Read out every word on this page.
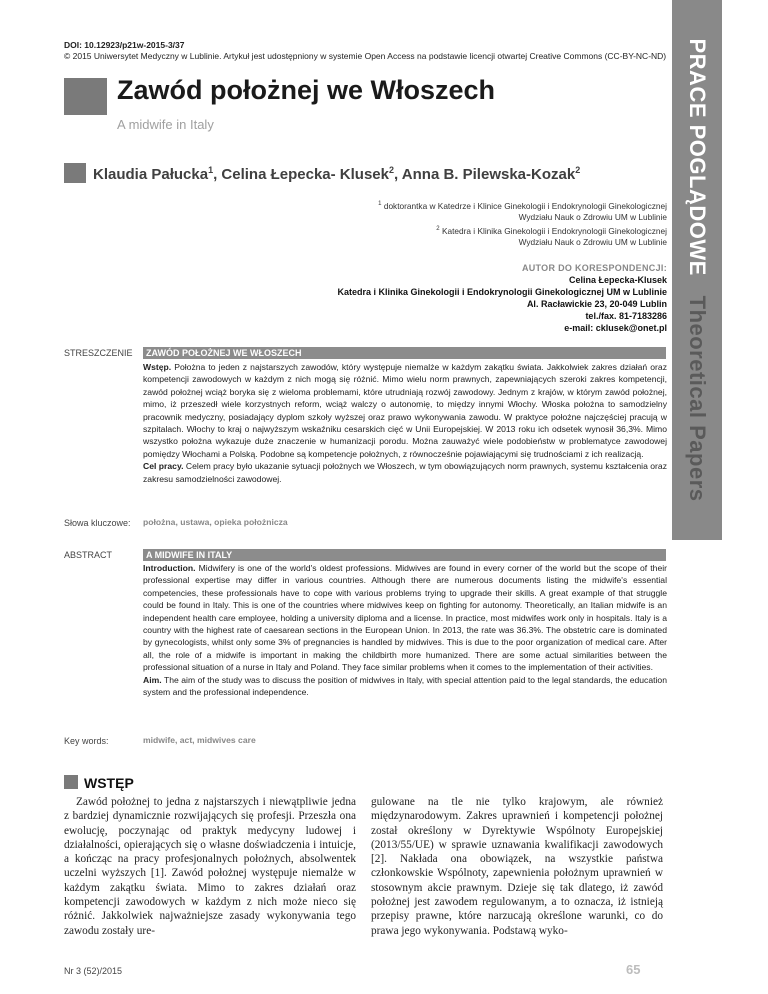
DOI: 10.12923/p21w-2015-3/37
© 2015 Uniwersytet Medyczny w Lublinie. Artykuł jest udostępniony w systemie Open Access na podstawie licencji otwartej Creative Commons (CC-BY-NC-ND)
Zawód położnej we Włoszech
A midwife in Italy
Klaudia Pałucka$^1$, Celina Łepecka- Klusek$^2$, Anna B. Pilewska-Kozak$^2$
$^1$ doktorantka w Katedrze i Klinice Ginekologii i Endokrynologii Ginekologicznej
Wydziału Nauk o Zdrowiu UM w Lublinie
$^2$ Katedra i Klinika Ginekologii i Endokrynologii Ginekologicznej
Wydziału Nauk o Zdrowiu UM w Lublinie
AUTOR DO KORESPONDENCJI:
Celina Łepecka-Klusek
Katedra i Klinika Ginekologii i Endokrynologii Ginekologicznej UM w Lublinie
Al. Racławickie 23, 20-049 Lublin
tel./fax. 81-7183286
e-mail: cklusek@onet.pl
PRACE POGLĄDOWE   Theoretical Papers
STRESZCZENIE	ZAWÓD POŁOŻNEJ WE WŁOSZECH
Wstęp. Położna to jeden z najstarszych zawodów, który występuje niemalże w każdym zakątku świata. Jakkolwiek zakres działań oraz kompetencji zawodowych w każdym z nich mogą się różnić. Mimo wielu norm prawnych, zapewniających szeroki zakres kompetencji, zawód położnej wciąż boryka się z wieloma problemami, które utrudniają rozwój zawodowy. Jednym z krajów, w którym zawód położnej, mimo, iż przeszedł wiele korzystnych reform, wciąż walczy o autonomię, to między innymi Włochy. Włoska położna to samodzielny pracownik medyczny, posiadający dyplom szkoły wyższej oraz prawo wykonywania zawodu. W praktyce położne najczęściej pracują w szpitalach. Włochy to kraj o najwyższym wskaźniku cesarskich cięć w Unii Europejskiej. W 2013 roku ich odsetek wynosił 36,3%. Mimo wszystko położna wykazuje duże znaczenie w humanizacji porodu. Można zauważyć wiele podobieństw w problematyce zawodowej pomiędzy Włochami a Polską. Podobne są kompetencje położnych, z równocześnie pojawiającymi się trudnościami z ich realizacją.
Cel pracy. Celem pracy było ukazanie sytuacji położnych we Włoszech, w tym obowiązujących norm prawnych, systemu kształcenia oraz zakresu samodzielności zawodowej.
Słowa kluczowe: położna, ustawa, opieka położnicza
ABSTRACT	A MIDWIFE IN ITALY
Introduction. Midwifery is one of the world's oldest professions. Midwives are found in every corner of the world but the scope of their professional expertise may differ in various countries. Although there are numerous documents listing the midwife's essential competencies, these professionals have to cope with various problems trying to upgrade their skills. A great example of that struggle could be found in Italy. This is one of the countries where midwives keep on fighting for autonomy. Theoretically, an Italian midwife is an independent health care employee, holding a university diploma and a license. In practice, most midwifes work only in hospitals. Italy is a country with the highest rate of caesarean sections in the European Union. In 2013, the rate was 36.3%. The obstetric care is dominated by gynecologists, whilst only some 3% of pregnancies is handled by midwives. This is due to the poor organization of medical care. After all, the role of a midwife is important in making the childbirth more humanized. There are some actual similarities between the professional situation of a nurse in Italy and Poland. They face similar problems when it comes to the implementation of their activities.
Aim. The aim of the study was to discuss the position of midwives in Italy, with special attention paid to the legal standards, the education system and the professional independence.
Key words:	midwife, act, midwives care
WSTĘP

Zawód położnej to jedna z najstarszych i niewątpliwie jedna z bardziej dynamicznie rozwijających się profesji. Przeszła ona ewolucję, poczynając od praktyk medycyny ludowej i działalności, opierających się o własne doświadczenia i intuicje, a kończąc na pracy profesjonalnych położnych, absolwentek uczelni wyższych [1]. Zawód położnej występuje niemalże w każdym zakątku świata. Mimo to zakres działań oraz kompetencji zawodowych w każdym z nich może nieco się różnić. Jakkolwiek najważniejsze zasady wykonywania tego zawodu zostały ure-

gulowane na tle nie tylko krajowym, ale również międzynarodowym. Zakres uprawnień i kompetencji położnej został określony w Dyrektywie Wspólnoty Europejskiej (2013/55/UE) w sprawie uznawania kwalifikacji zawodowych [2]. Nakłada ona obowiązek, na wszystkie państwa członkowskie Wspólnoty, zapewnienia położnym uprawnień w stosownym akcie prawnym. Dzieje się tak dlatego, iż zawód położnej jest zawodem regulowanym, a to oznacza, iż istnieją przepisy prawne, które narzucają określone warunki, co do prawa jego wykonywania. Podstawą wyko-

Nr 3 (52)/2015	65
